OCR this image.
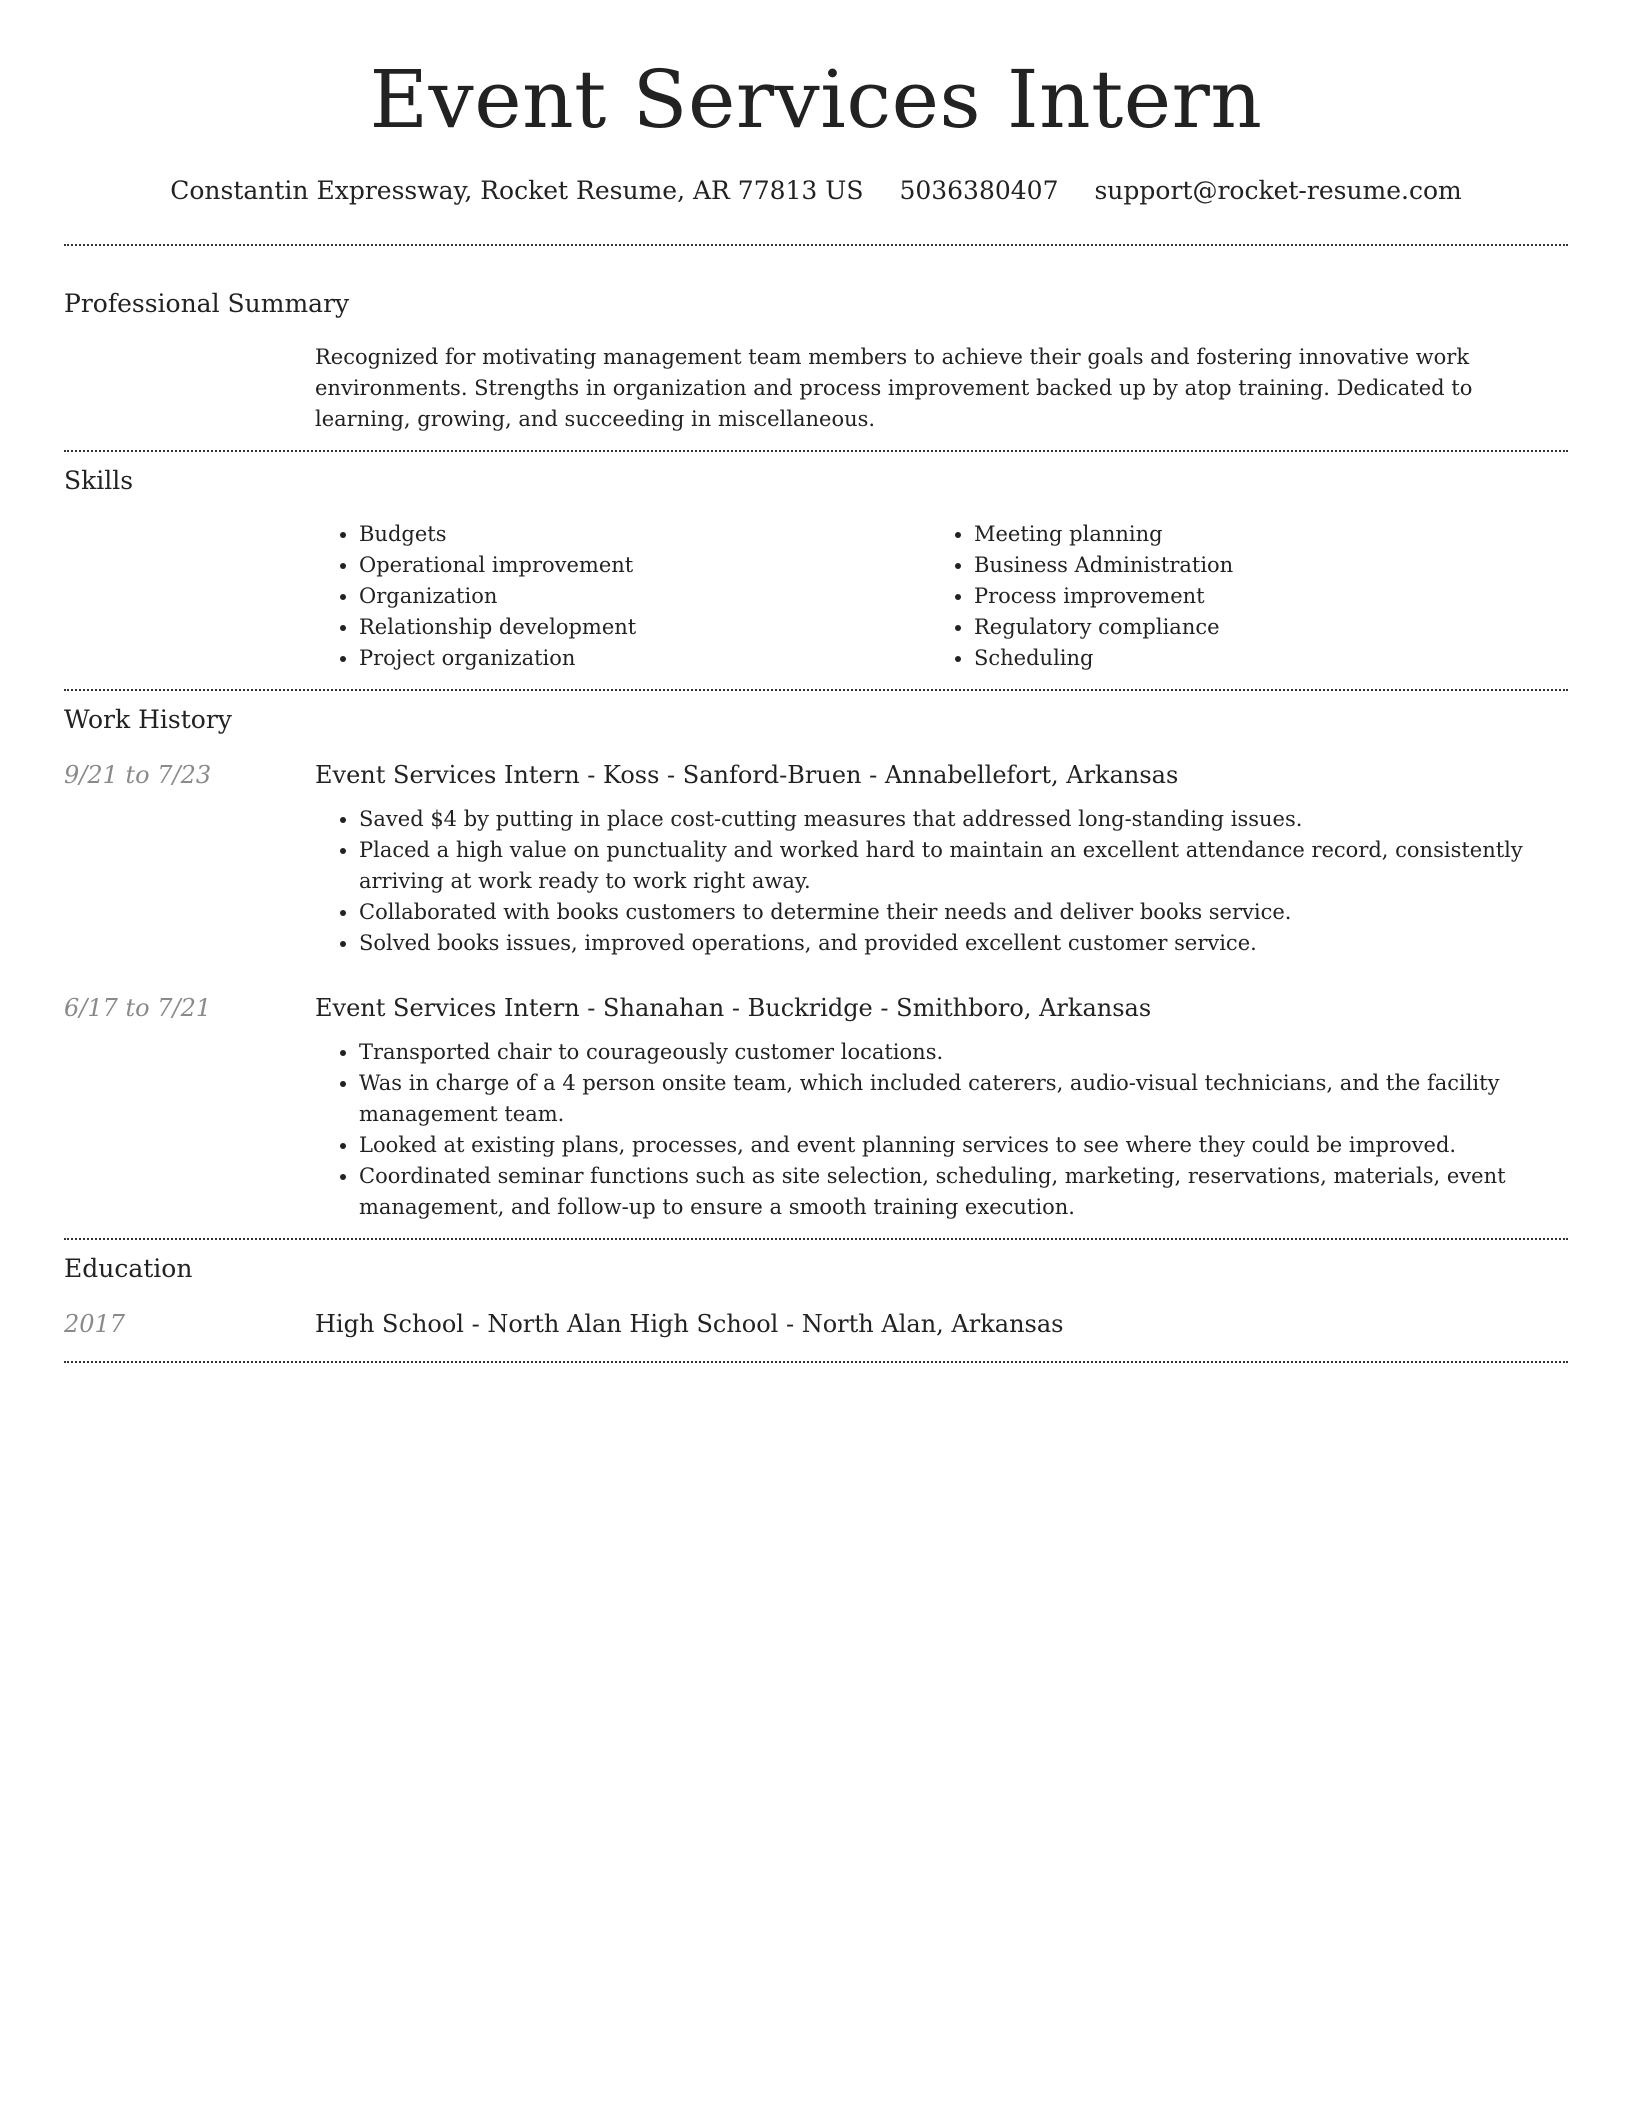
Event Services Intern
Constantin Expressway, Rocket Resume, AR 77813 US 5036380407 support@rocket-resume.com
Professional Summary

Recognized for motivating management team members to achieve their goals and fostering innovative work environments. Strengths in organization and process improvement backed up by atop training. Dedicated to learning, growing, and succeeding in miscellaneous.

Skills
• Budgets
• Operational improvement
• Organization
• Relationship development
• Project organization
• Meeting planning
• Business Administration
• Process improvement
• Regulatory compliance
• Scheduling
Work History
9/21 to 7/23	Event Services Intern - Koss - Sanford-Bruen - Annabellefort, Arkansas
• Saved $4 by putting in place cost-cutting measures that addressed long-standing issues.
• Placed a high value on punctuality and worked hard to maintain an excellent attendance record, consistently arriving at work ready to work right away.
• Collaborated with books customers to determine their needs and deliver books service.
• Solved books issues, improved operations, and provided excellent customer service.
6/17 to 7/21	Event Services Intern - Shanahan - Buckridge - Smithboro, Arkansas
• Transported chair to courageously customer locations.
• Was in charge of a 4 person onsite team, which included caterers, audio-visual technicians, and the facility management team.
• Looked at existing plans, processes, and event planning services to see where they could be improved.
• Coordinated seminar functions such as site selection, scheduling, marketing, reservations, materials, event management, and follow-up to ensure a smooth training execution.
Education
2017	High School - North Alan High School - North Alan, Arkansas
